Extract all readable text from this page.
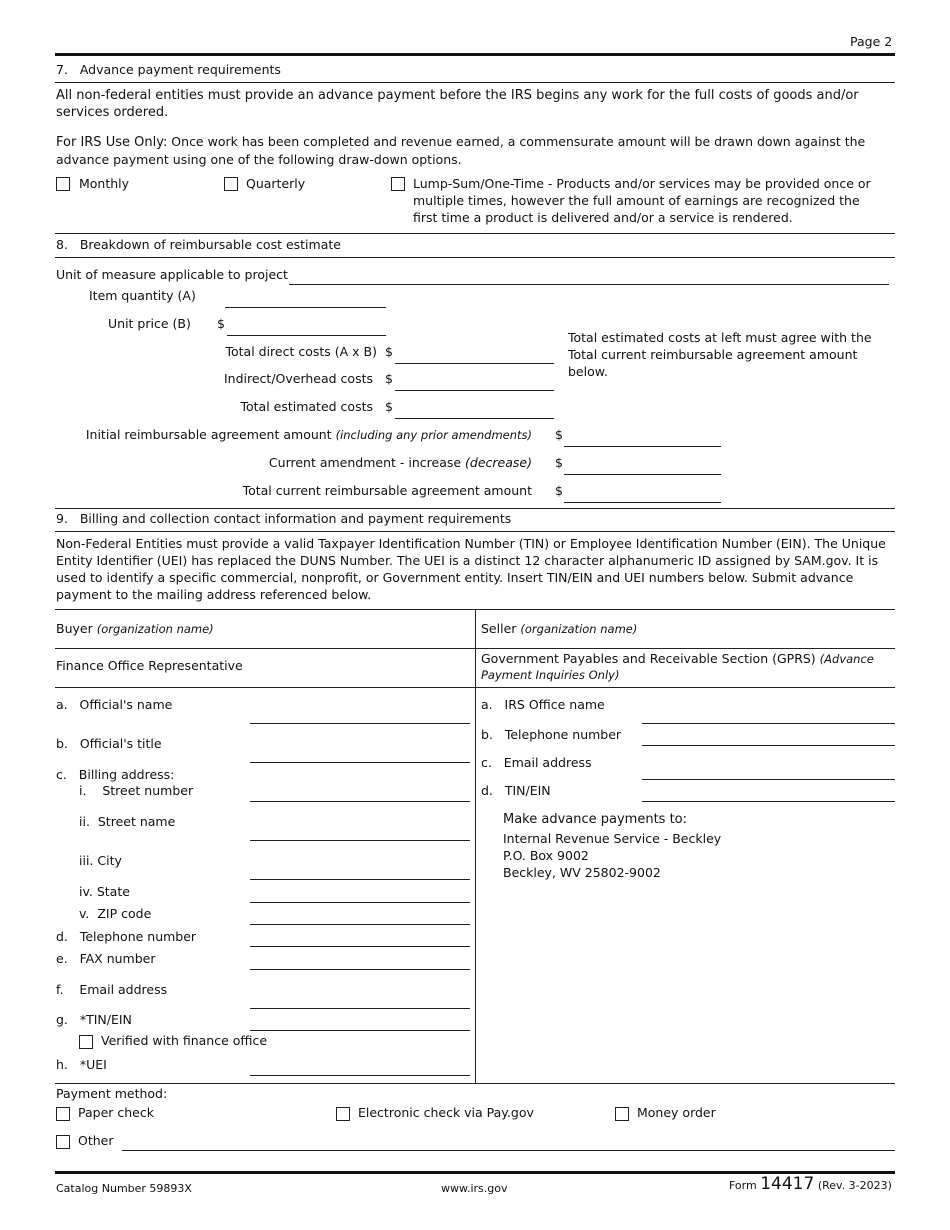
Page 2
7.   Advance payment requirements
All non-federal entities must provide an advance payment before the IRS begins any work for the full costs of goods and/or services ordered.
For IRS Use Only: Once work has been completed and revenue earned, a commensurate amount will be drawn down against the advance payment using one of the following draw-down options.
Monthly	Quarterly	Lump-Sum/One-Time - Products and/or services may be provided once or multiple times, however the full amount of earnings are recognized the first time a product is delivered and/or a service is rendered.
8.   Breakdown of reimbursable cost estimate
Unit of measure applicable to project
Item quantity (A)
Unit price (B) $
Total direct costs (A x B) $
Indirect/Overhead costs $
Total estimated costs $
Total estimated costs at left must agree with the Total current reimbursable agreement amount below.
Initial reimbursable agreement amount (including any prior amendments) $
Current amendment - increase (decrease) $
Total current reimbursable agreement amount $
9.   Billing and collection contact information and payment requirements
Non-Federal Entities must provide a valid Taxpayer Identification Number (TIN) or Employee Identification Number (EIN). The Unique Entity Identifier (UEI) has replaced the DUNS Number. The UEI is a distinct 12 character alphanumeric ID assigned by SAM.gov. It is used to identify a specific commercial, nonprofit, or Government entity. Insert TIN/EIN and UEI numbers below. Submit advance payment to the mailing address referenced below.
Buyer (organization name)	Seller (organization name)
Finance Office Representative	Government Payables and Receivable Section (GPRS) (Advance
Payment Inquiries Only)
a.   Official's name
b.   Official's title
c.   Billing address:
i.    Street number
ii.  Street name
iii. City
iv. State
v.  ZIP code
d.   Telephone number
e.   FAX number
f.    Email address
g.   *TIN/EIN
Verified with finance office
h.   *UEI
a.   IRS Office name
b.   Telephone number
c.   Email address
d.   TIN/EIN
Make advance payments to:
Internal Revenue Service - Beckley
P.O. Box 9002
Beckley, WV 25802-9002
Payment method:
Paper check	Electronic check via Pay.gov	Money order
Other
Catalog Number 59893X	www.irs.gov	Form 14417 (Rev. 3-2023)
